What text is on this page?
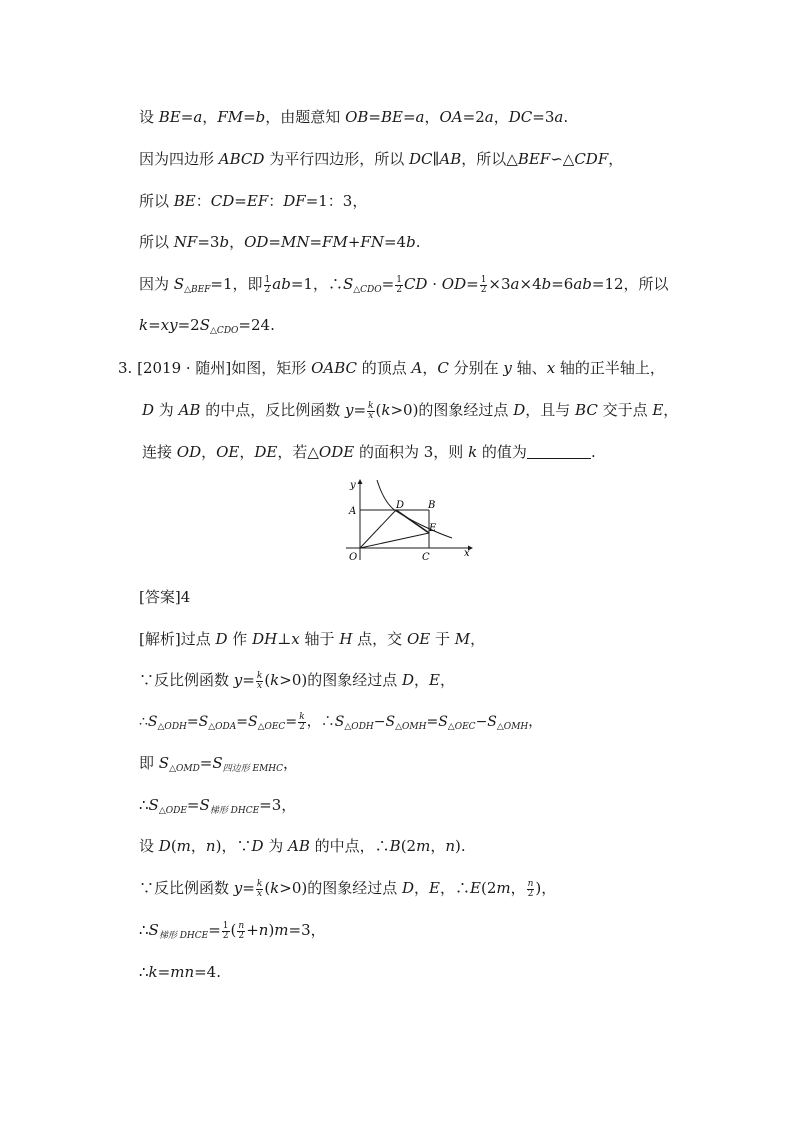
设 BE=a，FM=b，由题意知 OB=BE=a，OA=2a，DC=3a.
因为四边形 ABCD 为平行四边形，所以 DC∥AB，所以△BEF∽△CDF，
所以 BE：CD=EF：DF=1：3，
所以 NF=3b，OD=MN=FM+FN=4b.
因为 $S_{\triangle BEF}=1$，即 $\frac{1}{2} ab=1$，$\therefore S_{\triangle CDO}= \frac{1}{2}$ CD · $OD= \frac{1}{2} \times 3a\times 4b=6ab=12$，所以
$k=xy=2S_{\triangle CDO}=24$.
3. [2019 · 随州]如图，矩形 OABC 的顶点 A，C 分别在 y 轴、x 轴的正半轴上，
D 为 AB 的中点，反比例函数 $y= \frac{k}{x} (k>0)$的图象经过点 D，且与 BC 交于点 E，
连接 OD，OE，DE，若△ODE 的面积为 3，则 k 的值为	.
y
A
D B
E
O	C	x
[答案]4
[解析]过点 D 作 DH⊥x 轴于 H 点，交 OE 于 M，
∵反比例函数 $y= \frac{k}{x} (k>0)$的图象经过点 D，E，
$\therefore S_{\triangle ODH}=S_{\triangle ODA}=S_{\triangle OEC}= \frac{k}{2}$ ，$\therefore S_{\triangle ODH}-S_{\triangle OMH}=S_{\triangle OEC}-S_{\triangle OMH}$，
即 $S_{\triangle OMD}=S_{四边形 EMHC}$，
$\therefore S_{\triangle ODE}=S_{梯形 DHCE}=3$，
设 D(m，n)，∵D 为 AB 的中点，∴B(2m，n).
∵反比例函数 $y= \frac{k}{x} (k>0)$的图象经过点 D，E，∴E(2m， $\frac{n}{2}$ )，
$\therefore S_{梯形 DHCE}= \frac{1}{2}$ ( $\frac{n}{2} +n)m=3$，
∴k=mn=4.
